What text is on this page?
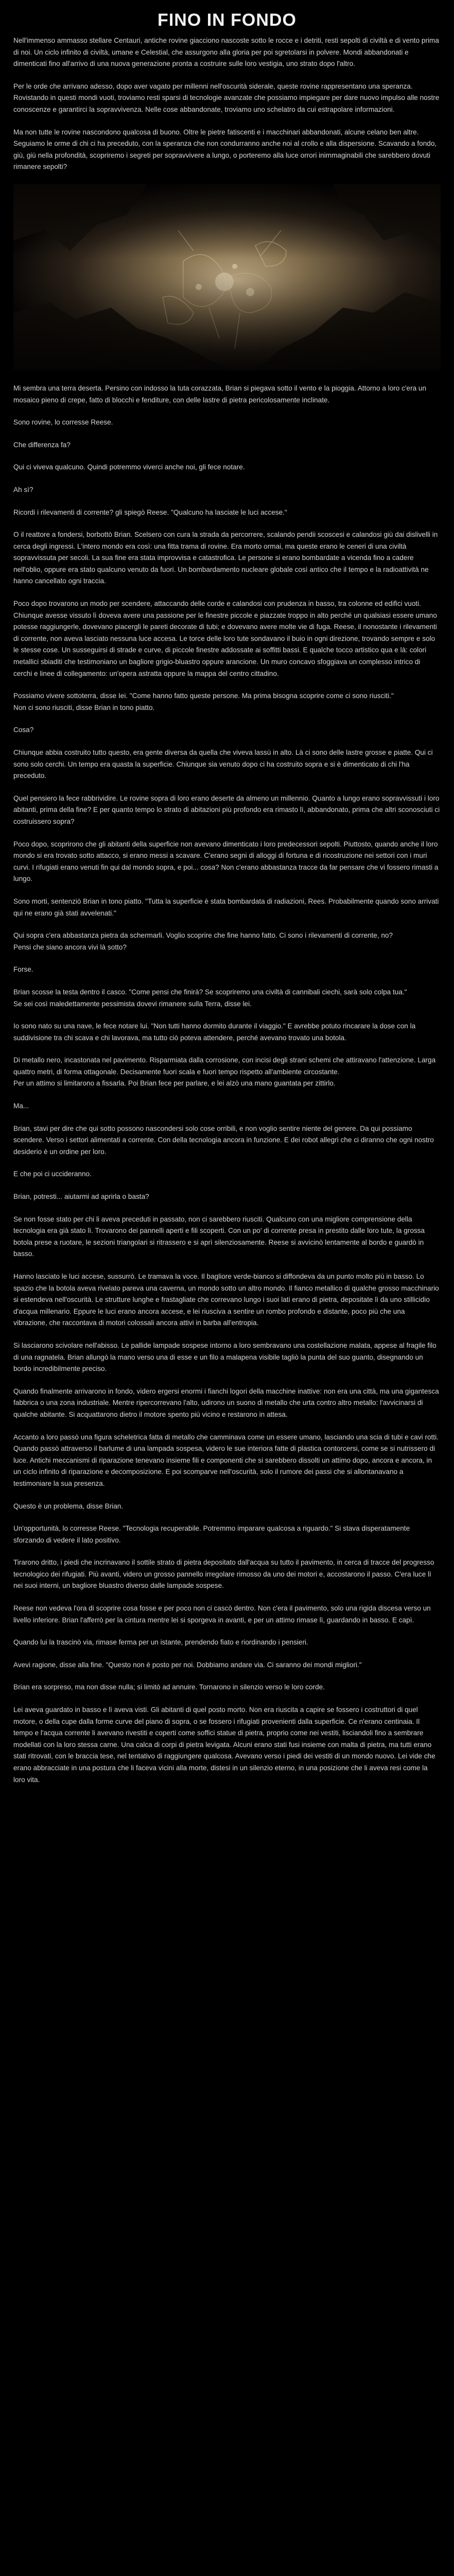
FINO IN FONDO

Nell'immenso ammasso stellare Centauri, antiche rovine giacciono nascoste sotto le rocce e i detriti, resti sepolti di civiltà e di vento prima di noi. Un ciclo infinito di civiltà, umane e Celestial, che assurgono alla gloria per poi sgretolarsi in polvere. Mondi abbandonati e dimenticati fino all'arrivo di una nuova generazione pronta a costruire sulle loro vestigia, uno strato dopo l'altro.

Per le orde che arrivano adesso, dopo aver vagato per millenni nell'oscurità siderale, queste rovine rappresentano una speranza. Rovistando in questi mondi vuoti, troviamo resti sparsi di tecnologie avanzate che possiamo impiegare per dare nuovo impulso alle nostre conoscenze e garantirci la sopravvivenza. Nelle cose abbandonate, troviamo uno schelatro da cui estrapolare informazioni.

Ma non tutte le rovine nascondono qualcosa di buono. Oltre le pietre fatiscenti e i macchinari abbandonati, alcune celano ben altre. Seguiamo le orme di chi ci ha preceduto, con la speranza che non condurranno anche noi al crollo e alla dispersione. Scavando a fondo, giù, giù nella profondità, scopriremo i segreti per sopravvivere a lungo, o porteremo alla luce orrori inimmaginabili che sarebbero dovuti rimanere sepolti?

Mi sembra una terra deserta. Persino con indosso la tuta corazzata, Brian si piegava sotto il vento e la pioggia. Attorno a loro c'era un mosaico pieno di crepe, fatto di blocchi e fenditure, con delle lastre di pietra pericolosamente inclinate.

Sono rovine, lo corresse Reese.

Che differenza fa?

Qui ci viveva qualcuno. Quindi potremmo viverci anche noi, gli fece notare.

Ah sì?

Ricordi i rilevamenti di corrente? gli spiegò Reese. "Qualcuno ha lasciate le luci accese."

O il reattore a fondersi, borbottò Brian. Scelsero con cura la strada da percorrere, scalando pendii scoscesi e calandosi giù dai dislivelli in cerca degli ingressi. L'intero mondo era così: una fitta trama di rovine. Era morto ormai, ma queste erano le ceneri di una civiltà sopravvissuta per secoli. La sua fine era stata improvvisa e catastrofica. Le persone si erano bombardate a vicenda fino a cadere nell'oblio, oppure era stato qualcuno venuto da fuori. Un bombardamento nucleare globale così antico che il tempo e la radioattività ne hanno cancellato ogni traccia.

Poco dopo trovarono un modo per scendere, attaccando delle corde e calandosi con prudenza in basso, tra colonne ed edifici vuoti. Chiunque avesse vissuto lì doveva avere una passione per le finestre piccole e piazzate troppo in alto perché un qualsiasi essere umano potesse raggiungerle, dovevano piacergli le pareti decorate di tubi; e dovevano avere molte vie di fuga. Reese, il nonostante i rilevamenti di corrente, non aveva lasciato nessuna luce accesa. Le torce delle loro tute sondavano il buio in ogni direzione, trovando sempre e solo le stesse cose. Un susseguirsi di strade e curve, di piccole finestre addossate ai soffitti bassi. E qualche tocco artistico qua e là: colori metallici sbiaditi che testimoniano un bagliore grigio-bluastro oppure arancione. Un muro concavo sfoggiava un complesso intrico di cerchi e linee di collegamento: un'opera astratta oppure la mappa del centro cittadino.

Possiamo vivere sottoterra, disse Iei. "Come hanno fatto queste persone. Ma prima bisogna scoprire come ci sono riusciti."
Non ci sono riusciti, disse Brian in tono piatto.

Cosa?

Chiunque abbia costruito tutto questo, era gente diversa da quella che viveva lassù in alto. Là ci sono delle lastre grosse e piatte. Qui ci sono solo cerchi. Un tempo era quasta la superficie. Chiunque sia venuto dopo ci ha costruito sopra e si è dimenticato di chi l'ha preceduto.

Quel pensiero la fece rabbrividire. Le rovine sopra di loro erano deserte da almeno un millennio. Quanto a lungo erano sopravvissuti i loro abitanti, prima della fine? E per quanto tempo lo strato di abitazioni più profondo era rimasto lì, abbandonato, prima che altri sconosciuti ci costruissero sopra?

Poco dopo, scoprirono che gli abitanti della superficie non avevano dimenticato i loro predecessori sepolti. Piuttosto, quando anche il loro mondo si era trovato sotto attacco, si erano messi a scavare. C'erano segni di alloggi di fortuna e di ricostruzione nei settori con i muri curvi. I rifugiati erano venuti fin qui dal mondo sopra, e poi... cosa? Non c'erano abbastanza tracce da far pensare che vi fossero rimasti a lungo.

Sono morti, sentenziò Brian in tono piatto. "Tutta la superficie è stata bombardata di radiazioni, Rees. Probabilmente quando sono arrivati qui ne erano già stati avvelenati."

Qui sopra c'era abbastanza pietra da schermarli. Voglio scoprire che fine hanno fatto. Ci sono i rilevamenti di corrente, no?
Pensi che siano ancora vivi là sotto?

Forse.

Brian scosse la testa dentro il casco. "Come pensi che finirà? Se scopriremo una civiltà di cannibali ciechi, sarà solo colpa tua."
Se sei così maledettamente pessimista dovevi rimanere sulla Terra, disse lei.

Io sono nato su una nave, le fece notare lui. "Non tutti hanno dormito durante il viaggio." E avrebbe potuto rincarare la dose con la suddivisione tra chi scava e chi lavorava, ma tutto ciò poteva attendere, perché avevano trovato una botola.

Di metallo nero, incastonata nel pavimento. Risparmiata dalla corrosione, con incisi degli strani schemi che attiravano l'attenzione. Larga quattro metri, di forma ottagonale. Decisamente fuori scala e fuori tempo rispetto all'ambiente circostante.
Per un attimo si limitarono a fissarla. Poi Brian fece per parlare, e lei alzò una mano guantata per zittirlo.

Ma...

Brian, stavi per dire che qui sotto possono nascondersi solo cose orribili, e non voglio sentire niente del genere. Da qui possiamo scendere. Verso i settori alimentati a corrente. Con della tecnologia ancora in funzione. E dei robot allegri che ci diranno che ogni nostro desiderio è un ordine per loro.

E che poi ci uccideranno.

Brian, potresti... aiutarmi ad aprirla o basta?

Se non fosse stato per chi li aveva preceduti in passato, non ci sarebbero riusciti. Qualcuno con una migliore comprensione della tecnologia era già stato lì. Trovarono dei pannelli aperti e fili scoperti. Con un po' di corrente presa in prestito dalle loro tute, la grossa botola prese a ruotare, le sezioni triangolari si ritrassero e si aprì silenziosamente. Reese si avvicinò lentamente al bordo e guardò in basso.

Hanno lasciato le luci accese, sussurrò. Le tramava la voce. Il bagliore verde-bianco si diffondeva da un punto molto più in basso. Lo spazio che la botola aveva rivelato pareva una caverna, un mondo sotto un altro mondo. Il fianco metallico di qualche grosso macchinario si estendeva nell'oscurità. Le strutture lunghe e frastagliate che correvano lungo i suoi lati erano di pietra, depositate lì da uno stillicidio d'acqua millenario. Eppure le luci erano ancora accese, e lei riusciva a sentire un rombo profondo e distante, poco più che una vibrazione, che raccontava di motori colossali ancora attivi in barba all'entropia.

Si lasciarono scivolare nell'abisso. Le pallide lampade sospese intorno a loro sembravano una costellazione malata, appese al fragile filo di una ragnatela. Brian allungò la mano verso una di esse e un filo a malapena visibile tagliò la punta del suo guanto, disegnando un bordo incredibilmente preciso.

Quando finalmente arrivarono in fondo, videro ergersi enormi i fianchi logori della macchine inattive: non era una città, ma una gigantesca fabbrica o una zona industriale. Mentre ripercorrevano l'alto, udirono un suono di metallo che urta contro altro metallo: l'avvicinarsi di qualche abitante. Si acquattarono dietro il motore spento più vicino e restarono in attesa.

Accanto a loro passò una figura scheletrica fatta di metallo che camminava come un essere umano, lasciando una scia di tubi e cavi rotti. Quando passò attraverso il barlume di una lampada sospesa, videro le sue interiora fatte di plastica contorcersi, come se si nutrissero di luce. Antichi meccanismi di riparazione tenevano insieme fili e componenti che si sarebbero dissolti un attimo dopo, ancora e ancora, in un ciclo infinito di riparazione e decomposizione. E poi scomparve nell'oscurità, solo il rumore dei passi che si allontanavano a testimoniare la sua presenza.

Questo è un problema, disse Brian.

Un'opportunità, lo corresse Reese. "Tecnologia recuperabile. Potremmo imparare qualcosa a riguardo." Si stava disperatamente sforzando di vedere il lato positivo.

Tirarono dritto, i piedi che incrinavano il sottile strato di pietra depositato dall'acqua su tutto il pavimento, in cerca di tracce del progresso tecnologico dei rifugiati. Più avanti, videro un grosso pannello irregolare rimosso da uno dei motori e, accostarono il passo. C'era luce lì nei suoi interni, un bagliore bluastro diverso dalle lampade sospese.

Reese non vedeva l'ora di scoprire cosa fosse e per poco non ci cascò dentro. Non c'era il pavimento, solo una rigida discesa verso un livello inferiore. Brian l'afferrò per la cintura mentre lei si sporgeva in avanti, e per un attimo rimase lì, guardando in basso. E capì.

Quando lui la trascinò via, rimase ferma per un istante, prendendo fiato e riordinando i pensieri.

Avevi ragione, disse alla fine. "Questo non è posto per noi. Dobbiamo andare via. Ci saranno dei mondi migliori."

Brian era sorpreso, ma non disse nulla; si limitò ad annuire. Tornarono in silenzio verso le loro corde.

Lei aveva guardato in basso e lì aveva visti. Gli abitanti di quel posto morto. Non era riuscita a capire se fossero i costruttori di quel motore, o della cupe dalla forme curve del piano di sopra, o se fossero i rifugiati provenienti dalla superficie. Ce n'erano centinaia. Il tempo e l'acqua corrente li avevano rivestiti e coperti come soffici statue di pietra, proprio come nei vestiti, lisciandoli fino a sembrare modellati con la loro stessa carne. Una calca di corpi di pietra levigata. Alcuni erano stati fusi insieme con malta di pietra, ma tutti erano stati ritrovati, con le braccia tese, nel tentativo di raggiungere qualcosa. Avevano verso i piedi dei vestiti di un mondo nuovo. Lei vide che erano abbracciate in una postura che li faceva vicini alla morte, distesi in un silenzio eterno, in una posizione che li aveva resi come la loro vita.
